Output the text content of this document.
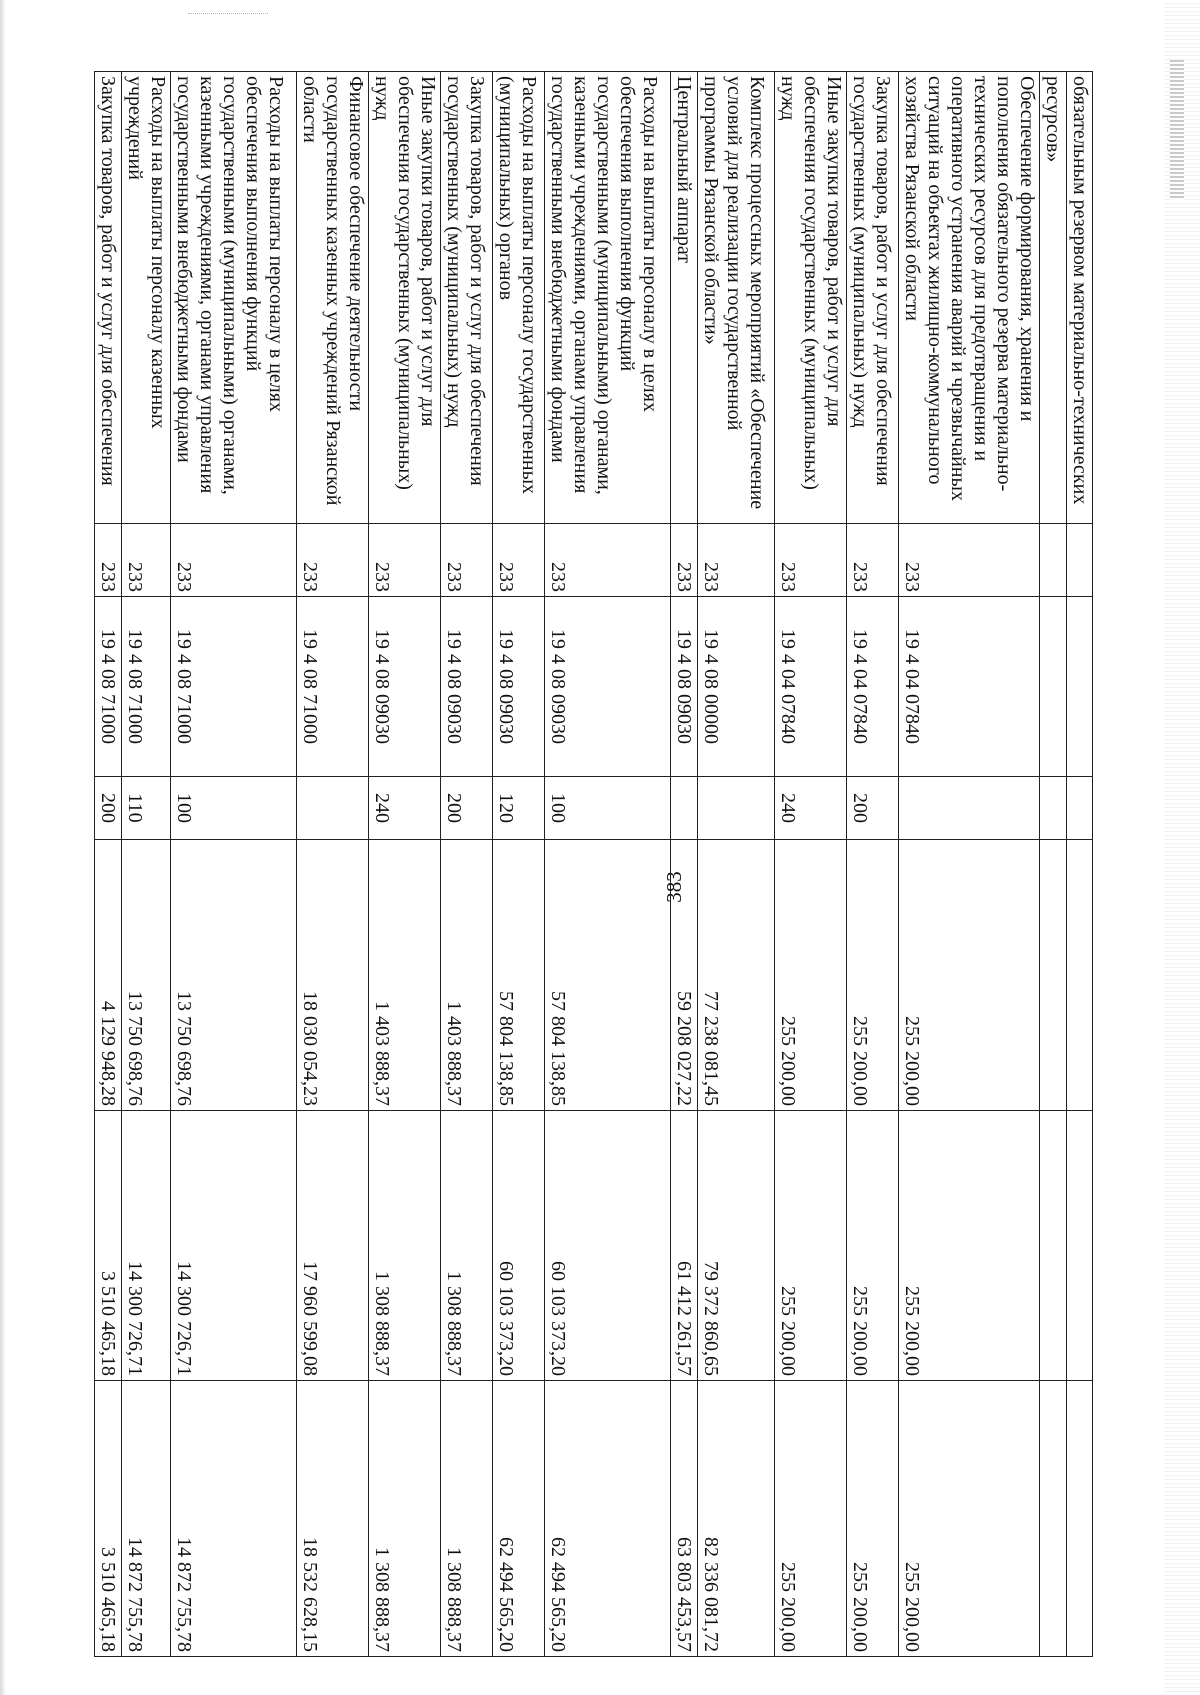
383
обязательным резервом материально-технических						
ресурсов»						
Обеспечение формирования, хранения и пополнения обязательного резерва материально-технических ресурсов для предотвращения и оперативного устранения аварий и чрезвычайных ситуаций на объектах жилищно-коммунального хозяйства Рязанской области	233	19 4 04 07840		255 200,00	255 200,00	255 200,00
Закупка товаров, работ и услуг для обеспечения государственных (муниципальных) нужд	233	19 4 04 07840	200	255 200,00	255 200,00	255 200,00
Иные закупки товаров, работ и услуг для обеспечения государственных (муниципальных) нужд	233	19 4 04 07840	240	255 200,00	255 200,00	255 200,00
Комплекс процессных мероприятий «Обеспечение условий для реализации государственной программы Рязанской области»	233	19 4 08 00000		77 238 081,45	79 372 860,65	82 336 081,72
Центральный аппарат	233	19 4 08 09030		59 208 027,22	61 412 261,57	63 803 453,57
Расходы на выплаты персоналу в целях обеспечения выполнения функций государственными (муниципальными) органами, казенными учреждениями, органами управления государственными внебюджетными фондами	233	19 4 08 09030	100	57 804 138,85	60 103 373,20	62 494 565,20
Расходы на выплаты персоналу государственных (муниципальных) органов	233	19 4 08 09030	120	57 804 138,85	60 103 373,20	62 494 565,20
Закупка товаров, работ и услуг для обеспечения государственных (муниципальных) нужд	233	19 4 08 09030	200	1 403 888,37	1 308 888,37	1 308 888,37
Иные закупки товаров, работ и услуг для обеспечения государственных (муниципальных) нужд	233	19 4 08 09030	240	1 403 888,37	1 308 888,37	1 308 888,37
Финансовое обеспечение деятельности государственных казенных учреждений Рязанской области	233	19 4 08 71000		18 030 054,23	17 960 599,08	18 532 628,15
Расходы на выплаты персоналу в целях обеспечения выполнения функций государственными (муниципальными) органами, казенными учреждениями, органами управления государственными внебюджетными фондами	233	19 4 08 71000	100	13 750 698,76	14 300 726,71	14 872 755,78
Расходы на выплаты персоналу казенных учреждений	233	19 4 08 71000	110	13 750 698,76	14 300 726,71	14 872 755,78
Закупка товаров, работ и услуг для обеспечения	233	19 4 08 71000	200	4 129 948,28	3 510 465,18	3 510 465,18
